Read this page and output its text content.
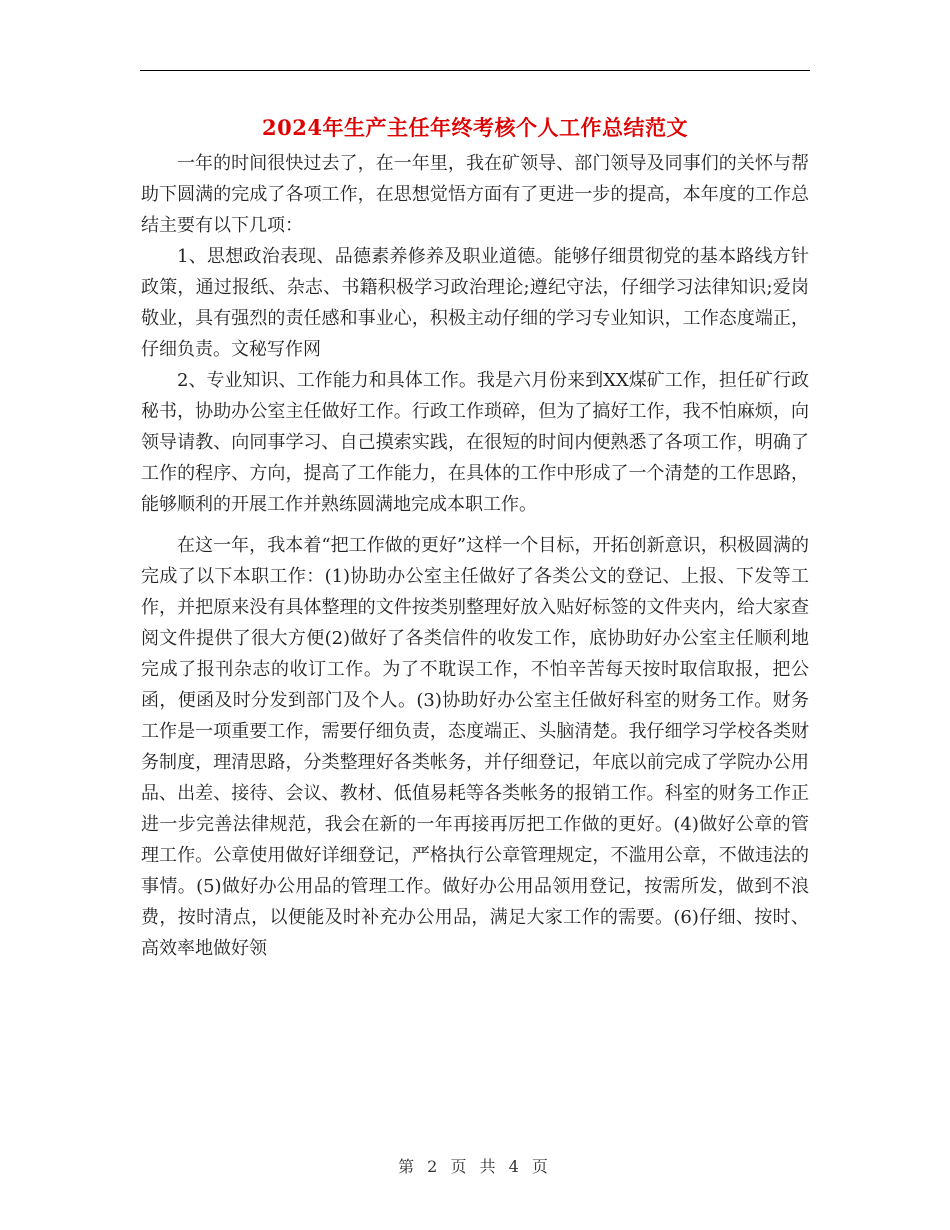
2024年生产主任年终考核个人工作总结范文

一年的时间很快过去了，在一年里，我在矿领导、部门领导及同事们的关怀与帮助下圆满的完成了各项工作，在思想觉悟方面有了更进一步的提高，本年度的工作总结主要有以下几项：

1、思想政治表现、品德素养修养及职业道德。能够仔细贯彻党的基本路线方针政策，通过报纸、杂志、书籍积极学习政治理论;遵纪守法，仔细学习法律知识;爱岗敬业，具有强烈的责任感和事业心，积极主动仔细的学习专业知识，工作态度端正，仔细负责。文秘写作网

2、专业知识、工作能力和具体工作。我是六月份来到XX煤矿工作，担任矿行政秘书，协助办公室主任做好工作。行政工作琐碎，但为了搞好工作，我不怕麻烦，向领导请教、向同事学习、自己摸索实践，在很短的时间内便熟悉了各项工作，明确了工作的程序、方向，提高了工作能力，在具体的工作中形成了一个清楚的工作思路，能够顺利的开展工作并熟练圆满地完成本职工作。

在这一年，我本着“把工作做的更好”这样一个目标，开拓创新意识，积极圆满的完成了以下本职工作：(1)协助办公室主任做好了各类公文的登记、上报、下发等工作，并把原来没有具体整理的文件按类别整理好放入贴好标签的文件夹内，给大家查阅文件提供了很大方便(2)做好了各类信件的收发工作，底协助好办公室主任顺利地完成了报刊杂志的收订工作。为了不耽误工作，不怕辛苦每天按时取信取报，把公函，便函及时分发到部门及个人。(3)协助好办公室主任做好科室的财务工作。财务工作是一项重要工作，需要仔细负责，态度端正、头脑清楚。我仔细学习学校各类财务制度，理清思路，分类整理好各类帐务，并仔细登记，年底以前完成了学院办公用品、出差、接待、会议、教材、低值易耗等各类帐务的报销工作。科室的财务工作正进一步完善法律规范，我会在新的一年再接再厉把工作做的更好。(4)做好公章的管理工作。公章使用做好详细登记，严格执行公章管理规定，不滥用公章，不做违法的事情。(5)做好办公用品的管理工作。做好办公用品领用登记，按需所发，做到不浪费，按时清点，以便能及时补充办公用品，满足大家工作的需要。(6)仔细、按时、高效率地做好领

第 2 页 共 4 页
